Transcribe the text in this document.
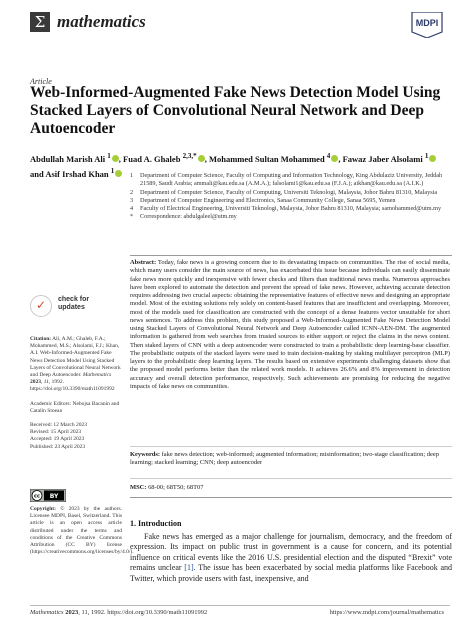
Σ mathematics	MDPI
Article
Web-Informed-Augmented Fake News Detection Model Using Stacked Layers of Convolutional Neural Network and Deep Autoencoder
Abdullah Marish Ali $^1$ , Fuad A. Ghaleb $^{2,3,*}$ , Mohammed Sultan Mohammed $^4$ , Fawaz Jaber Alsolami $^1$
and Asif Irshad Khan $^1$
1	Department of Computer Science, Faculty of Computing and Information Technology, King Abdulaziz University, Jeddah 21589, Saudi Arabia; ammali@kau.edu.sa (A.M.A.); falsolami1@kau.edu.sa (F.J.A.); aikhan@kau.edu.sa (A.I.K.)
2	Department of Computer Science, Faculty of Computing, Universiti Teknologi, Malaysia, Johor Bahru 81310, Malaysia
3	Department of Computer Engineering and Electronics, Sanaa Community College, Sanaa 5695, Yemen
4	Faculty of Electrical Engineering, Universiti Teknologi, Malaysia, Johor Bahru 81310, Malaysia; samohammed@utm.my
*	Correspondence: abdulgaleel@utm.my
Abstract: Today, fake news is a growing concern due to its devastating impacts on communities. The rise of social media, which many users consider the main source of news, has exacerbated this issue because individuals can easily disseminate fake news more quickly and inexpensive with fewer checks and filters than traditional news media. Numerous approaches have been explored to automate the detection and prevent the spread of fake news. However, achieving accurate detection requires addressing two crucial aspects: obtaining the representative features of effective news and designing an appropriate model. Most of the existing solutions rely solely on content-based features that are insufficient and overlapping. Moreover, most of the models used for classification are constructed with the concept of a dense features vector unsuitable for short news sentences. To address this problem, this study proposed a Web-Informed-Augmented Fake News Detection Model using Stacked Layers of Convolutional Neural Network and Deep Autoencoder called ICNN-AEN-DM. The augmented information is gathered from web searches from trusted sources to either support or reject the claims in the news content. Then staked layers of CNN with a deep autoencoder were constructed to train a probabilistic deep learning-base classifier. The probabilistic outputs of the stacked layers were used to train decision-making by staking multilayer perceptron (MLP) layers to the probabilistic deep learning layers. The results based on extensive experiments challenging datasets show that the proposed model performs better than the related work models. It achieves 26.6% and 8% improvement in detection accuracy and overall detection performance, respectively. Such achievements are promising for reducing the negative impacts of fake news on communities.
Keywords: fake news detection; web-informed; augmented information; misinformation; two-stage classification; deep learning; stacked learning; CNN; deep autoencoder
MSC: 68-00; 68T50; 68T07
✓ check for
updates

Citation: Ali, A.M.; Ghaleb, F.A.; Mohammed, M.S.; Alsolami, F.J.; Khan, A.I. Web-Informed-Augmented Fake News Detection Model Using Stacked Layers of Convolutional Neural Network and Deep Autoencoder. Mathematics 2023, 11, 1992. https://doi.org/10.3390/math11091992

Academic Editors: Nebojsa Bacanin and Catalin Stoean

Received: 12 March 2023

Revised: 15 April 2023

Accepted: 19 April 2023

Published: 23 April 2023

cc BY
Copyright: © 2023 by the authors. Licensee MDPI, Basel, Switzerland. This article is an open access article distributed under the terms and conditions of the Creative Commons Attribution (CC BY) license (https://creativecommons.org/licenses/by/4.0/).
1. Introduction
Fake news has emerged as a major challenge for journalism, democracy, and the freedom of expression. Its impact on public trust in government is a cause for concern, and its potential influence on critical events like the 2016 U.S. presidential election and the disputed “Brexit” vote remains unclear [1]. The issue has been exacerbated by social media platforms like Facebook and Twitter, which provide users with fast, inexpensive, and
Mathematics 2023, 11, 1992. https://doi.org/10.3390/math11091992	https://www.mdpi.com/journal/mathematics
